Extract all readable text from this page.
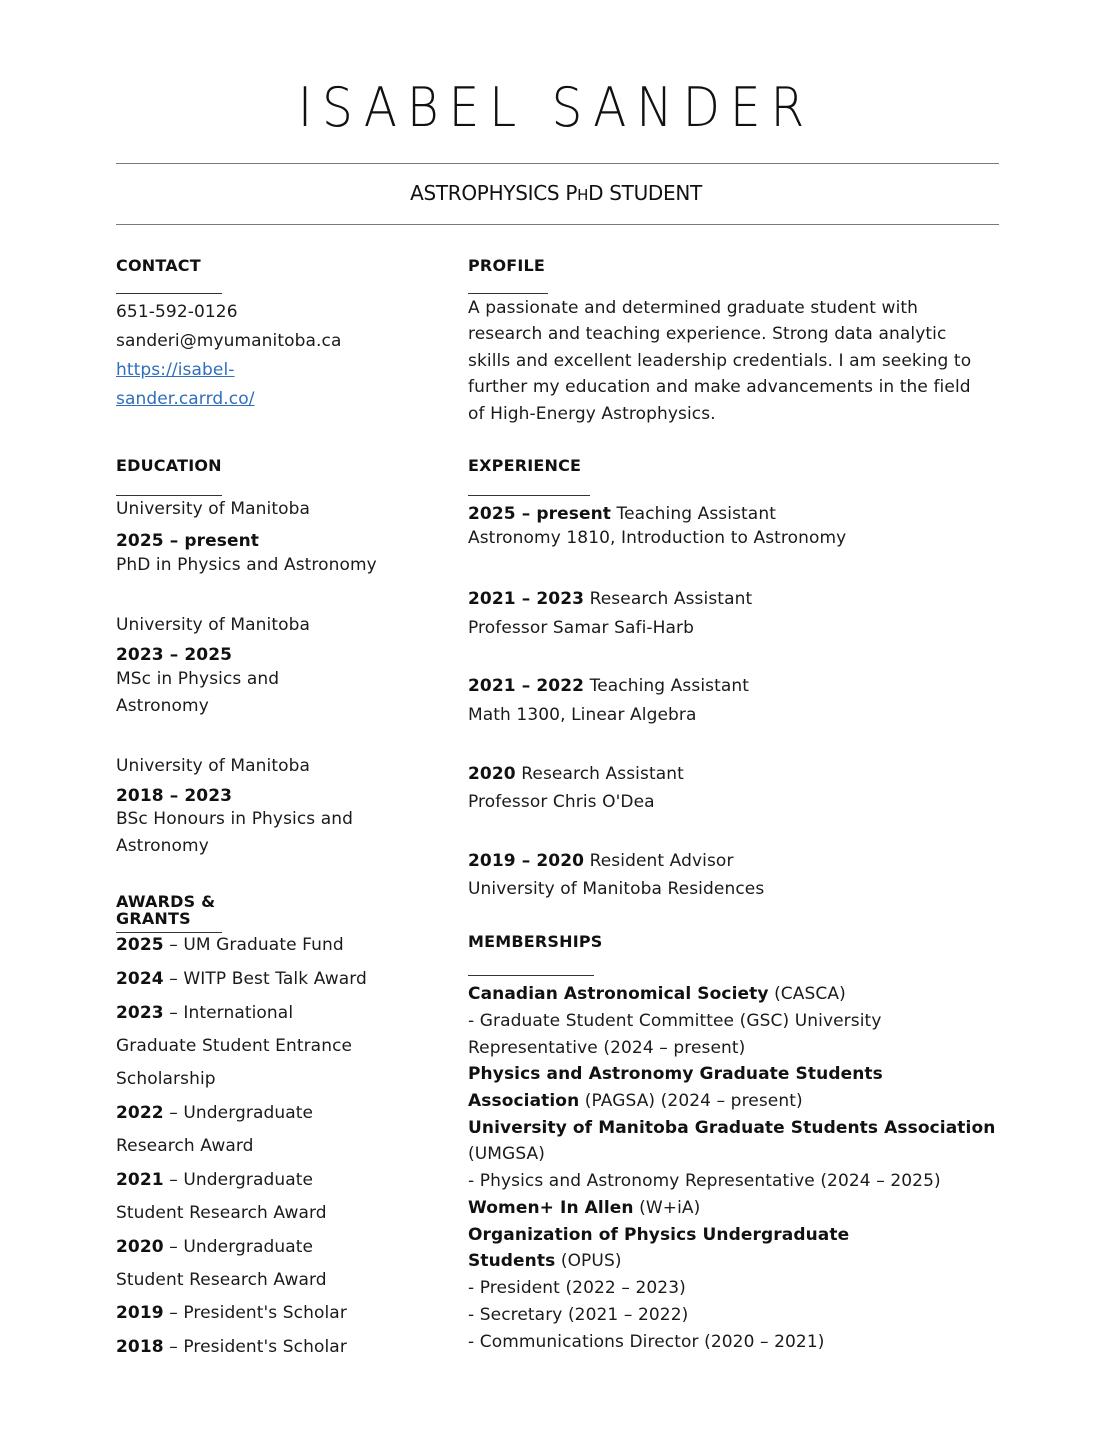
ISABEL SANDER
ASTROPHYSICS PHD STUDENT
CONTACT
651-592-0126
sanderi@myumanitoba.ca
https://isabel-
sander.carrd.co/
PROFILE
A passionate and determined graduate student with
research and teaching experience. Strong data analytic
skills and excellent leadership credentials. I am seeking to
further my education and make advancements in the field
of High-Energy Astrophysics.
EDUCATION
University of Manitoba
2025 – present
PhD in Physics and Astronomy
University of Manitoba
2023 – 2025
MSc in Physics and
Astronomy
University of Manitoba
2018 – 2023
BSc Honours in Physics and
Astronomy
AWARDS &
GRANTS
2025 – UM Graduate Fund
2024 – WITP Best Talk Award
2023 – International
Graduate Student Entrance
Scholarship
2022 – Undergraduate
Research Award
2021 – Undergraduate
Student Research Award
2020 – Undergraduate
Student Research Award
2019 – President's Scholar
2018 – President's Scholar
EXPERIENCE
2025 – present Teaching Assistant
Astronomy 1810, Introduction to Astronomy
2021 – 2023 Research Assistant
Professor Samar Safi-Harb
2021 – 2022 Teaching Assistant
Math 1300, Linear Algebra
2020 Research Assistant
Professor Chris O'Dea
2019 – 2020 Resident Advisor
University of Manitoba Residences
MEMBERSHIPS
Canadian Astronomical Society (CASCA)
- Graduate Student Committee (GSC) University
Representative (2024 – present)
Physics and Astronomy Graduate Students
Association (PAGSA) (2024 – present)
University of Manitoba Graduate Students Association
(UMGSA)
- Physics and Astronomy Representative (2024 – 2025)
Women+ In Allen (W+iA)
Organization of Physics Undergraduate
Students (OPUS)
- President (2022 – 2023)
- Secretary (2021 – 2022)
- Communications Director (2020 – 2021)
